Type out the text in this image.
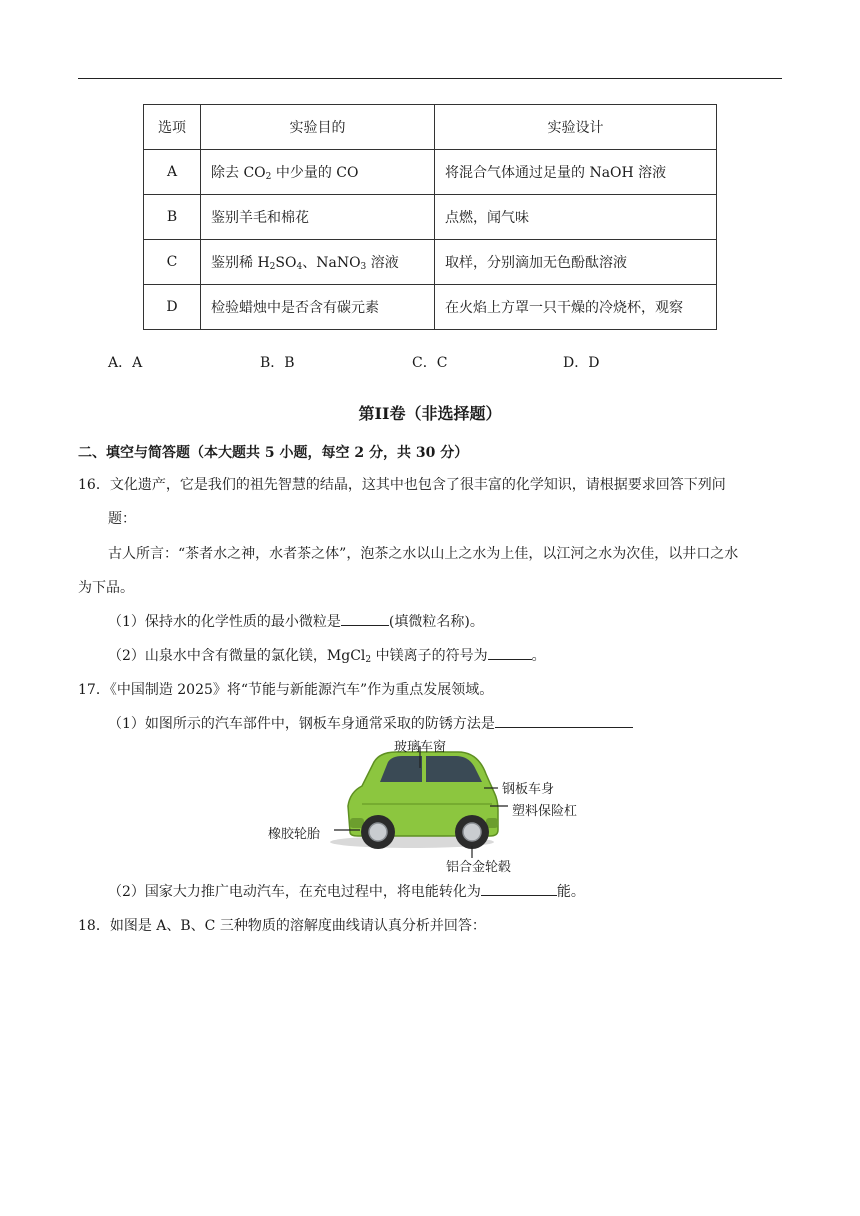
选项	实验目的	实验设计
A	除去 $CO_2$ 中少量的 CO	将混合气体通过足量的 NaOH 溶液
B	鉴别羊毛和棉花	点燃，闻气味
C	鉴别稀 $H_2SO_4$、NaNO$_3$ 溶液	取样，分别滴加无色酚酞溶液
D	检验蜡烛中是否含有碳元素	在火焰上方罩一只干燥的冷烧杯，观察
A．A	B．B	C．C	D．D
第II卷（非选择题）
二、填空与简答题（本大题共 5 小题，每空 2 分，共 30 分）
16．文化遗产，它是我们的祖先智慧的结晶，这其中也包含了很丰富的化学知识，请根据要求回答下列问
题：
古人所言：“茶者水之神，水者茶之体”，泡茶之水以山上之水为上佳，以江河之水为次佳，以井口之水
为下品。
（1）保持水的化学性质的最小微粒是	(填微粒名称)。
（2）山泉水中含有微量的氯化镁，MgCl$_2$ 中镁离子的符号为	。
17．《中国制造 2025》将“节能与新能源汽车”作为重点发展领域。
（1）如图所示的汽车部件中，钢板车身通常采取的防锈方法是
玻璃车窗
钢板车身
塑料保险杠
橡胶轮胎
铝合金轮毂
（2）国家大力推广电动汽车，在充电过程中，将电能转化为	能。
18．如图是 A、B、C 三种物质的溶解度曲线请认真分析并回答：
